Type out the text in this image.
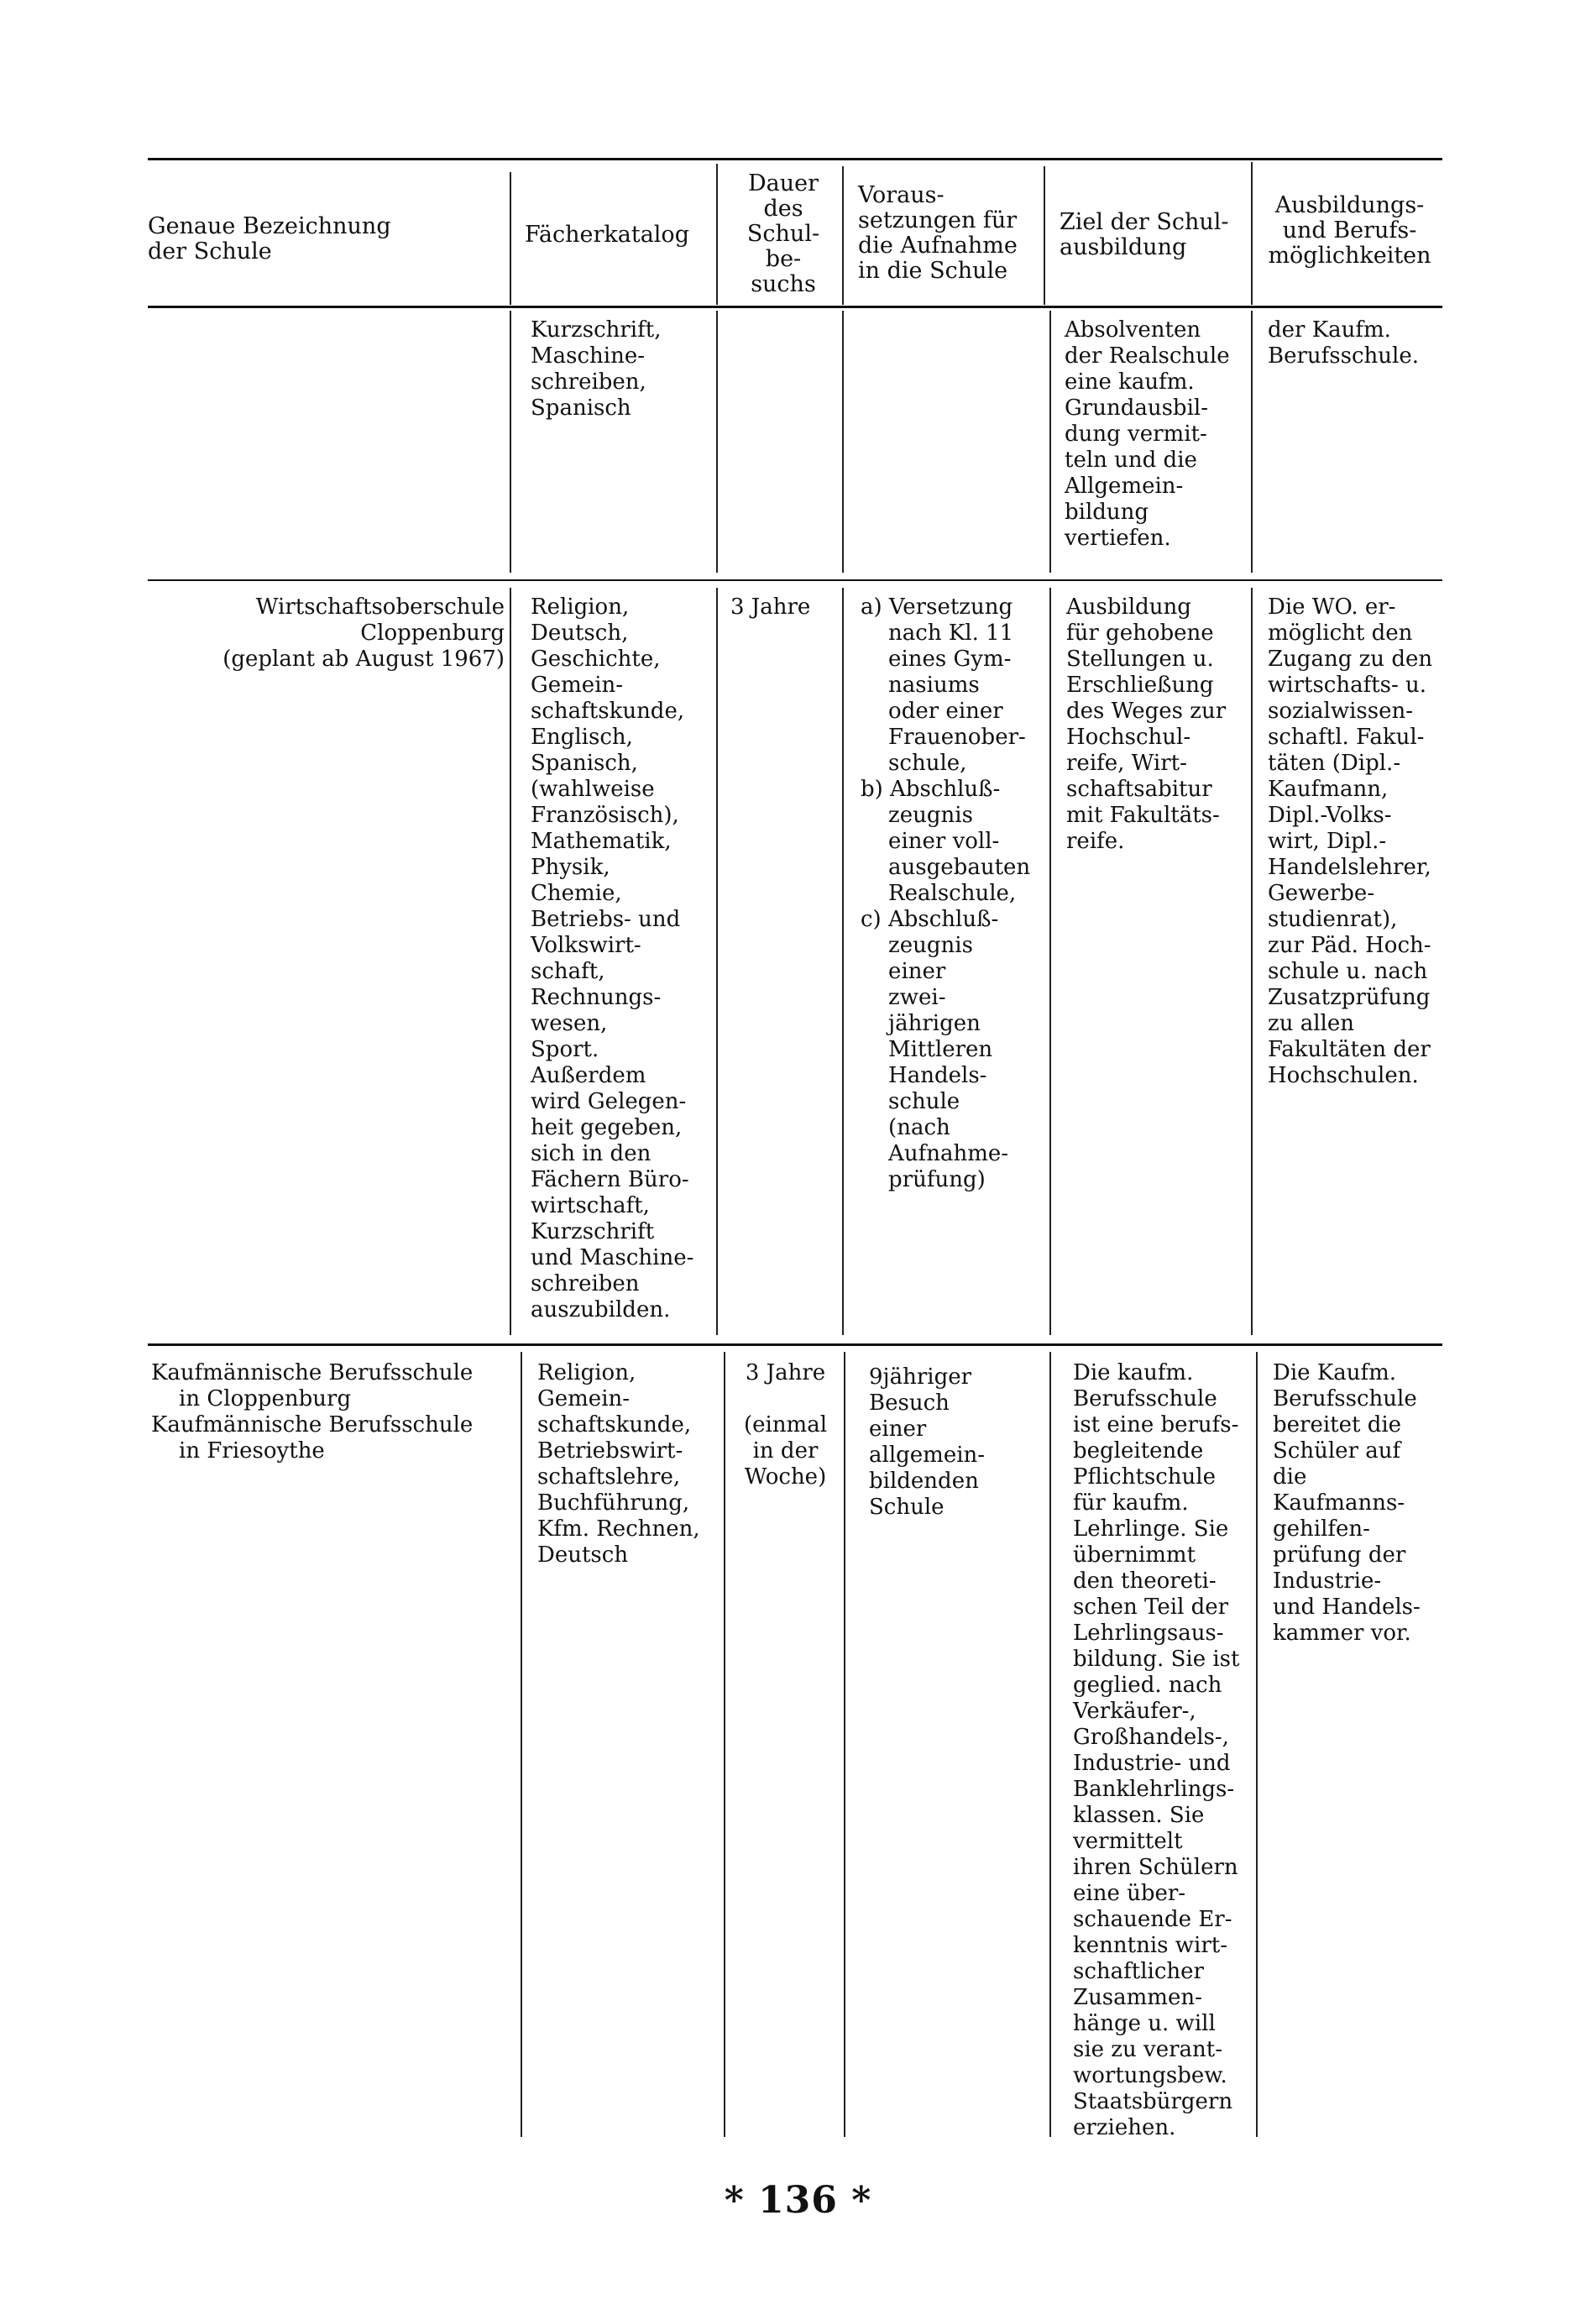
Genaue Bezeichnung
der Schule
Fächerkatalog
Dauer
des
Schul-
be-
suchs
Voraus-
setzungen für
die Aufnahme
in die Schule
Ziel der Schul-
ausbildung
Ausbildungs-
und Berufs-
möglichkeiten
Kurzschrift,
Maschine-
schreiben,
Spanisch
Absolventen
der Realschule
eine kaufm.
Grundausbil-
dung vermit-
teln und die
Allgemein-
bildung
vertiefen.
der Kaufm.
Berufsschule.
Wirtschaftsoberschule
Cloppenburg
(geplant ab August 1967)
Religion,
Deutsch,
Geschichte,
Gemein-
schaftskunde,
Englisch,
Spanisch,
(wahlweise
Französisch),
Mathematik,
Physik,
Chemie,
Betriebs- und
Volkswirt-
schaft,
Rechnungs-
wesen,
Sport.
Außerdem
wird Gelegen-
heit gegeben,
sich in den
Fächern Büro-
wirtschaft,
Kurzschrift
und Maschine-
schreiben
auszubilden.
3 Jahre	a) Versetzung
nach Kl. 11
eines Gym-
nasiums
oder einer
Frauenober-
schule,
b) Abschluß-
zeugnis
einer voll-
ausgebauten
Realschule,
c) Abschluß-
zeugnis
einer
zwei-
jährigen
Mittleren
Handels-
schule
(nach
Aufnahme-
prüfung)
Ausbildung
für gehobene
Stellungen u.
Erschließung
des Weges zur
Hochschul-
reife, Wirt-
schaftsabitur
mit Fakultäts-
reife.
Die WO. er-
möglicht den
Zugang zu den
wirtschafts- u.
sozialwissen-
schaftl. Fakul-
täten (Dipl.-
Kaufmann,
Dipl.-Volks-
wirt, Dipl.-
Handelslehrer,
Gewerbe-
studienrat),
zur Päd. Hoch-
schule u. nach
Zusatzprüfung
zu allen
Fakultäten der
Hochschulen.
Kaufmännische Berufsschule
in Cloppenburg
Kaufmännische Berufsschule
in Friesoythe
Religion,
Gemein-
schaftskunde,
Betriebswirt-
schaftslehre,
Buchführung,
Kfm. Rechnen,
Deutsch
3 Jahre

(einmal
in der
Woche)
9jähriger
Besuch
einer
allgemein-
bildenden
Schule
Die kaufm.
Berufsschule
ist eine berufs-
begleitende
Pflichtschule
für kaufm.
Lehrlinge. Sie
übernimmt
den theoreti-
schen Teil der
Lehrlingsaus-
bildung. Sie ist
geglied. nach
Verkäufer-,
Großhandels-,
Industrie- und
Banklehrlings-
klassen. Sie
vermittelt
ihren Schülern
eine über-
schauende Er-
kenntnis wirt-
schaftlicher
Zusammen-
hänge u. will
sie zu verant-
wortungsbew.
Staatsbürgern
erziehen.
Die Kaufm.
Berufsschule
bereitet die
Schüler auf die
Kaufmanns-
gehilfen-
prüfung der
Industrie-
und Handels-
kammer vor.
* 136 *
